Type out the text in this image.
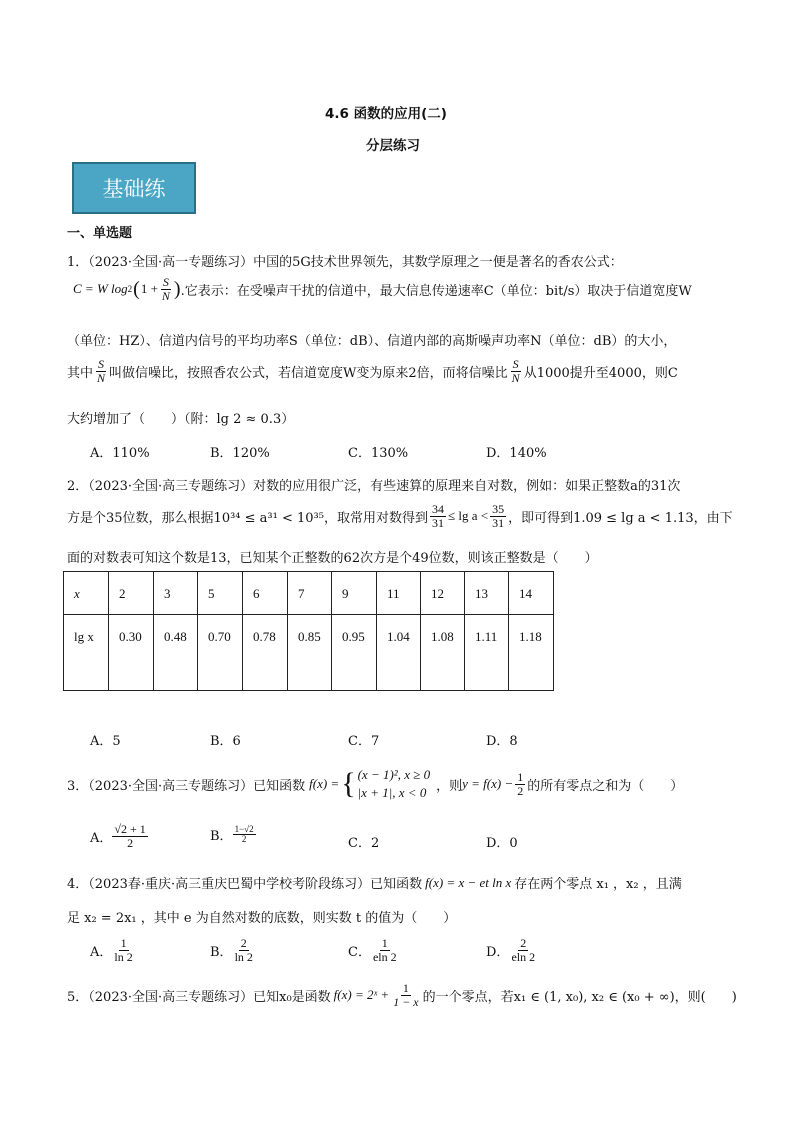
4.6 函数的应用(二)
分层练习
基础练
一、单选题
1．（2023·全国·高一专题练习）中国的5G技术世界领先，其数学原理之一便是著名的香农公式：
C = W log 2 ( $1 + \frac{S}{N}$ ) .它表示：在受噪声干扰的信道中，最大信息传递速率C（单位：bit/s）取决于信道宽度W
（单位：HZ）、信道内信号的平均功率S（单位：dB）、信道内部的高斯噪声功率N（单位：dB）的大小，
其中 $\frac{S}{N}$ 叫做信噪比，按照香农公式，若信道宽度W变为原来2倍，而将信噪比 $\frac{S}{N}$ 从1000提升至4000，则C
大约增加了（　　）（附：lg 2 ≈ 0.3）
A．110%	B．120%	C．130%	D．140%
2．（2023·全国·高三专题练习）对数的应用很广泛，有些速算的原理来自对数，例如：如果正整数a的31次
方是个35位数，那么根据10³⁴ ≤ a³¹ < 10³⁵，取常用对数得到 $\frac{34}{31} \le \lg a < \frac{35}{31}$ ，即可得到1.09 ≤ lg a < 1.13，由下
面的对数表可知这个数是13，已知某个正整数的62次方是个49位数，则该正整数是（　　）
x	2	3	5	6	7	9	11	12	13	14
lg x	0.30	0.48	0.70	0.78	0.85	0.95	1.04	1.08	1.11	1.18
A．5	B．6	C．7	D．8
3．（2023·全国·高三专题练习）已知函数 f(x) = { (x − 1)², x ≥ 0
|x + 1|, x < 0 ，则 $y = f(x) - \frac{1}{2}$ 的所有零点之和为（　　）
A． $\frac{√2 + 1}{2}$	B． $\frac{1-√2}{2}$	C．2	D．0
4．（2023春·重庆·高三重庆巴蜀中学校考阶段练习）已知函数 f(x) = x − et ln x 存在两个零点 x₁ ，x₂ ，且满
足 x₂ = 2x₁ ，其中 e 为自然对数的底数，则实数 t 的值为（　　）
A． $\frac{1}{\ln 2}$	B． $\frac{2}{\ln 2}$	C． $\frac{1}{eln 2}$	D． $\frac{2}{eln 2}$
5．（2023·全国·高三专题练习）已知x₀是函数 f(x) = 2ˣ + $\frac{1}{1 - x}$ 的一个零点，若x₁ ∈ (1, x₀), x₂ ∈ (x₀ + ∞)，则(　　)
